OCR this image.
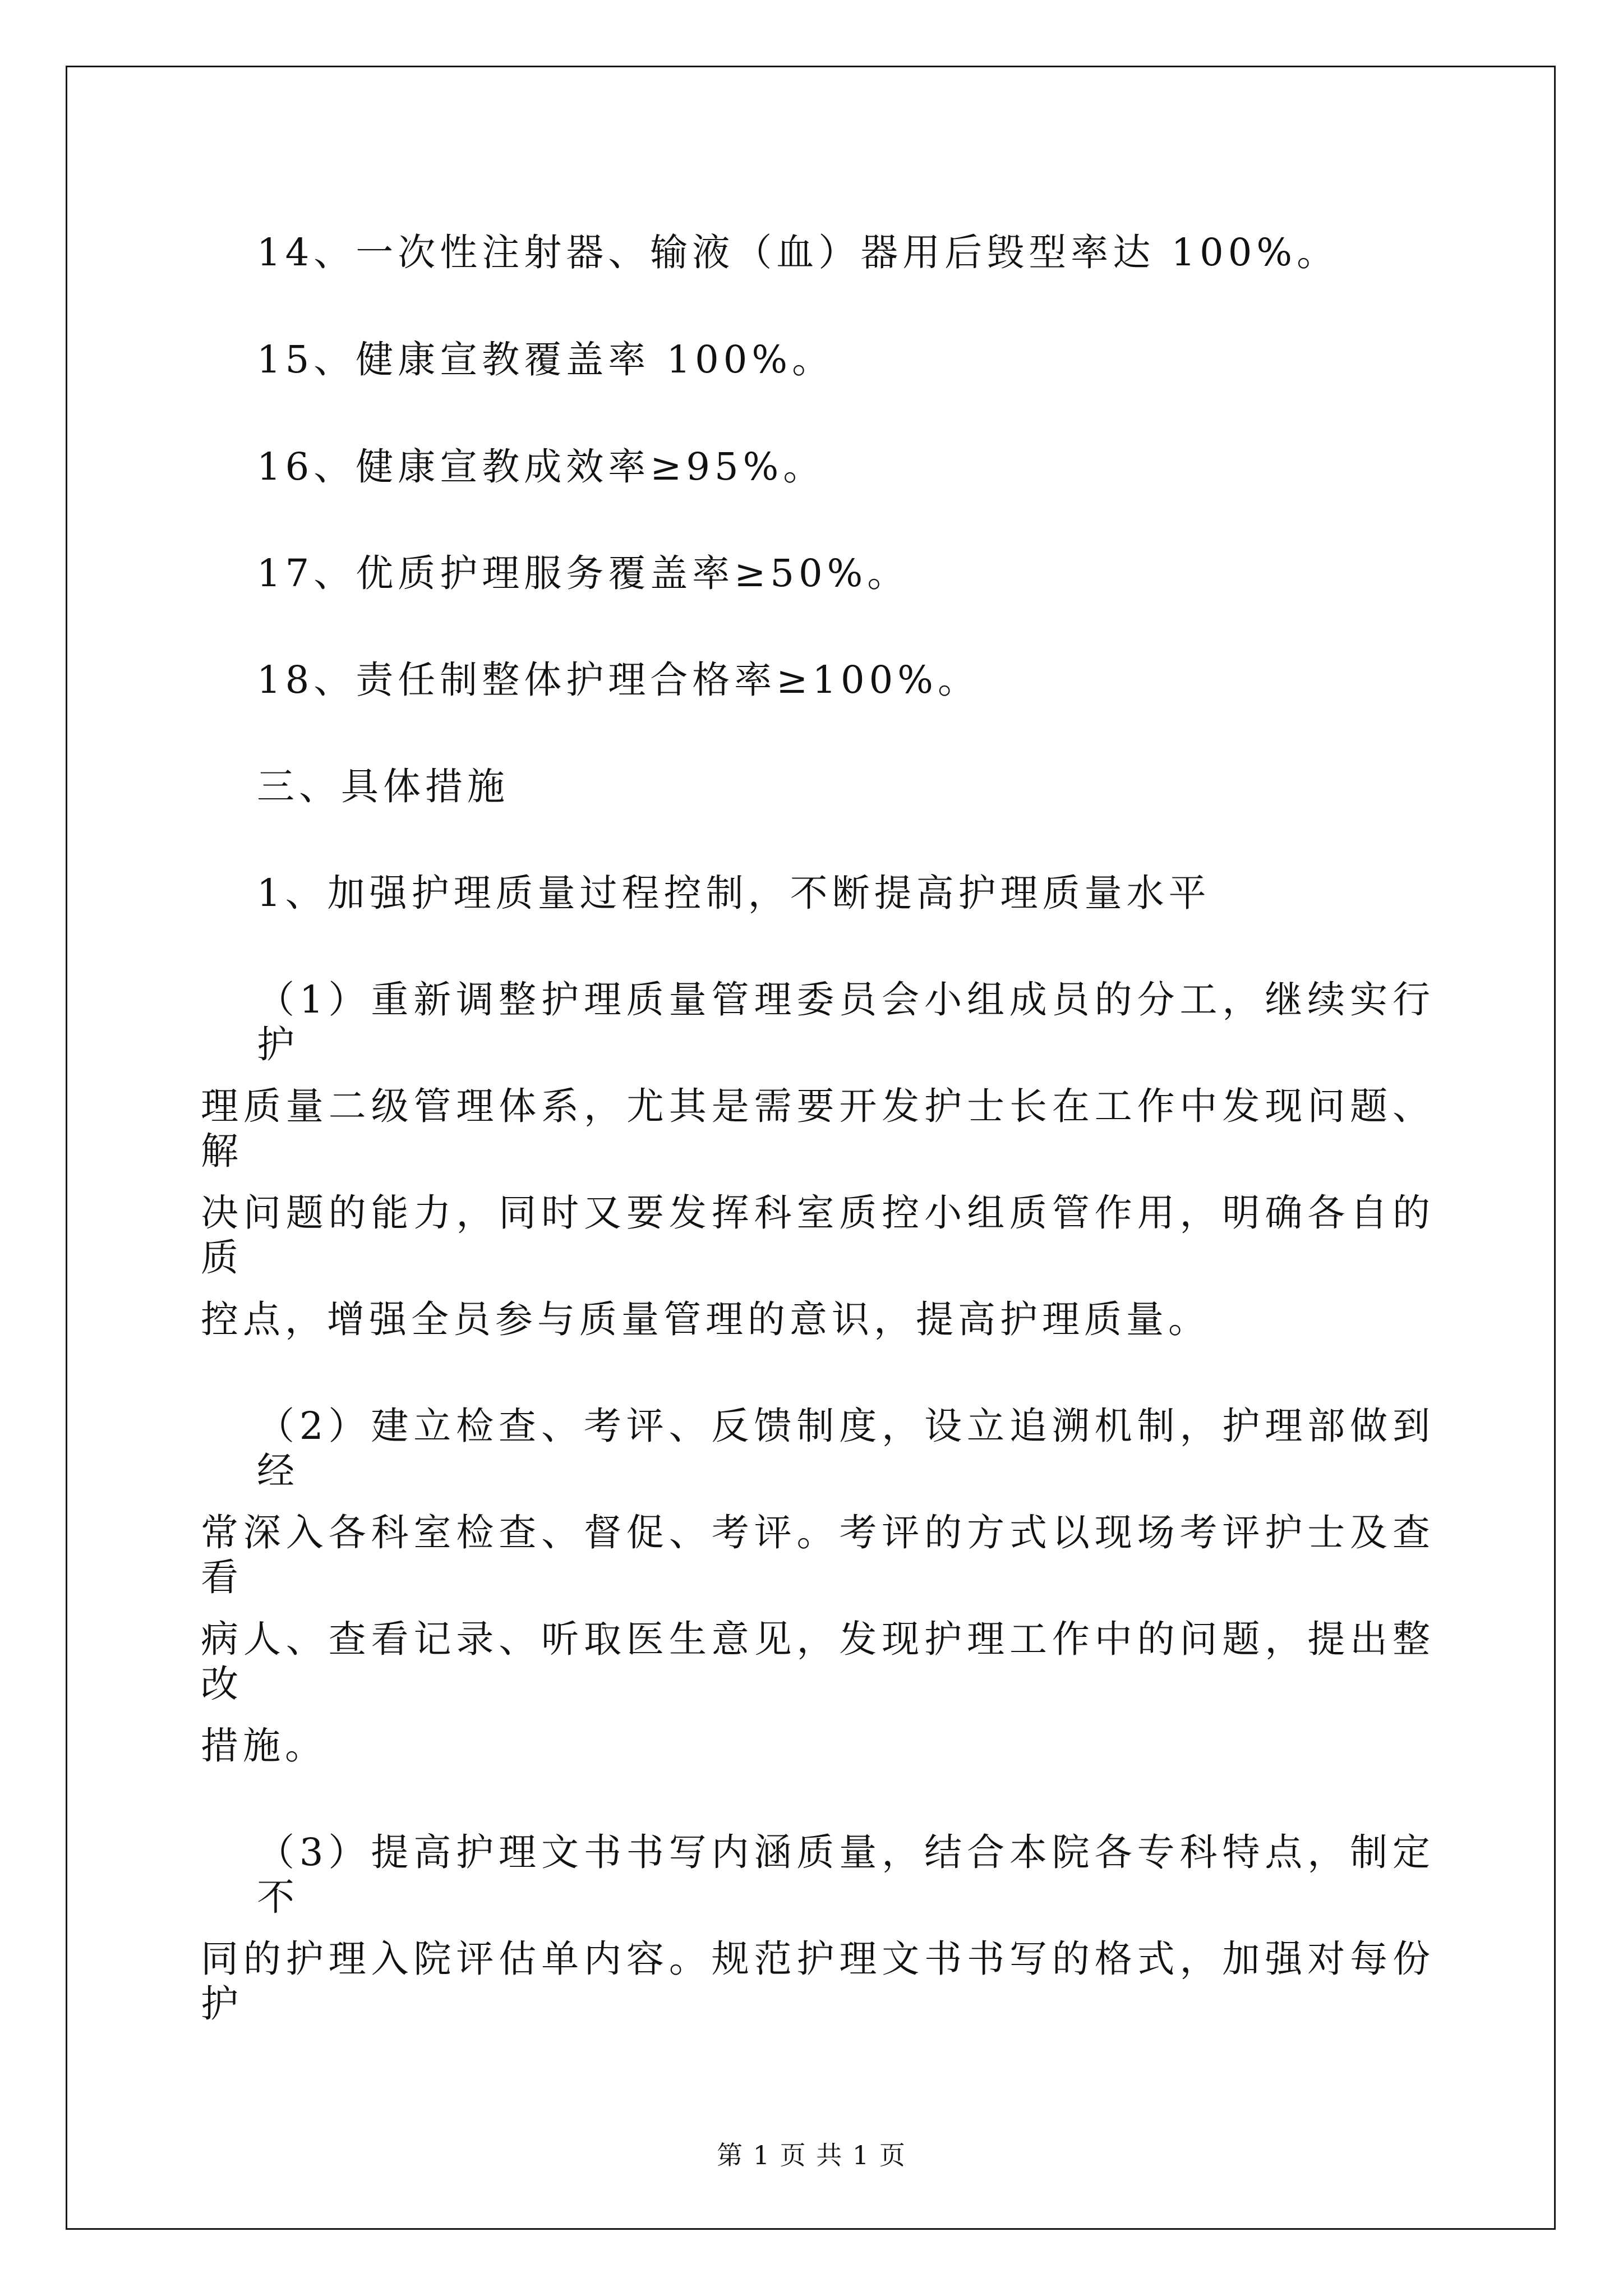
14、一次性注射器、输液（血）器用后毁型率达 100%。
15、健康宣教覆盖率 100%。
16、健康宣教成效率≥95%。
17、优质护理服务覆盖率≥50%。
18、责任制整体护理合格率≥100%。
三、具体措施
1、加强护理质量过程控制，不断提高护理质量水平
（1）重新调整护理质量管理委员会小组成员的分工，继续实行护
理质量二级管理体系，尤其是需要开发护士长在工作中发现问题、解
决问题的能力，同时又要发挥科室质控小组质管作用，明确各自的质
控点，增强全员参与质量管理的意识，提高护理质量。
（2）建立检查、考评、反馈制度，设立追溯机制，护理部做到经
常深入各科室检查、督促、考评。考评的方式以现场考评护士及查看
病人、查看记录、听取医生意见，发现护理工作中的问题，提出整改
措施。
（3）提高护理文书书写内涵质量，结合本院各专科特点，制定不
同的护理入院评估单内容。规范护理文书书写的格式，加强对每份护
第 1 页 共 1 页
